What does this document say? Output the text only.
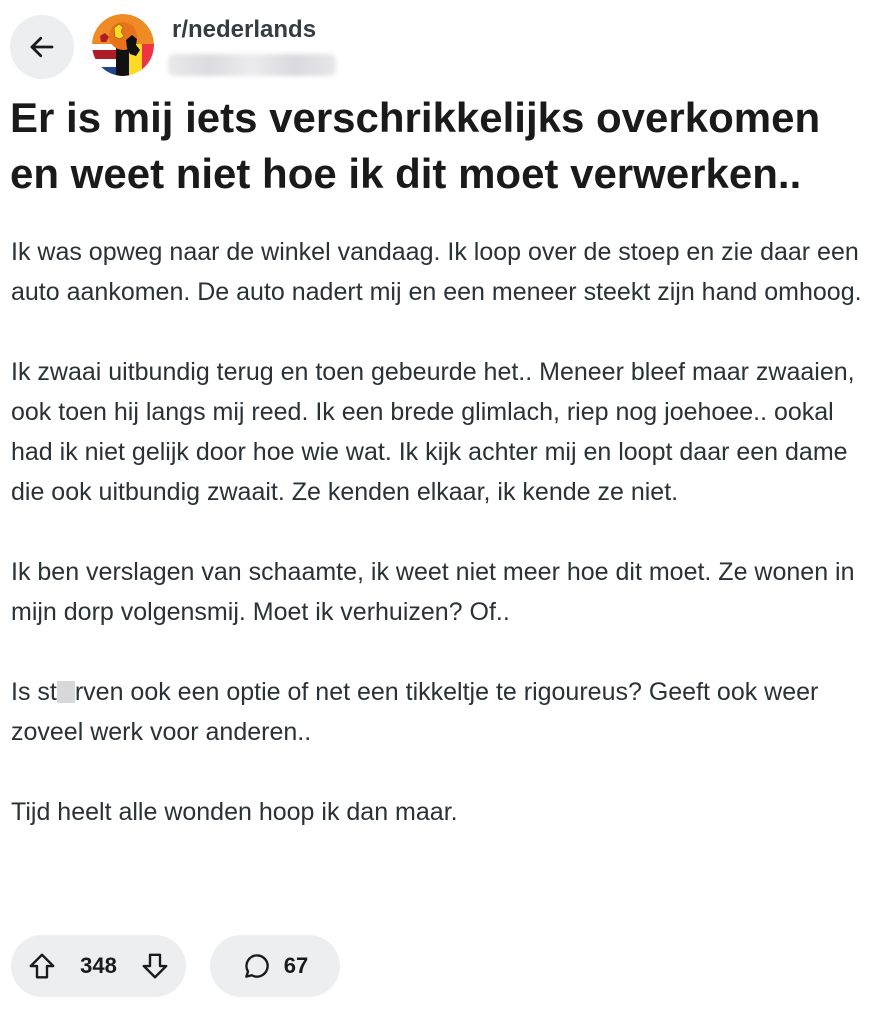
r/nederlands
Er is mij iets verschrikkelijks overkomen en weet niet hoe ik dit moet verwerken..

Ik was opweg naar de winkel vandaag. Ik loop over de stoep en zie daar een auto aankomen. De auto nadert mij en een meneer steekt zijn hand omhoog.

Ik zwaai uitbundig terug en toen gebeurde het.. Meneer bleef maar zwaaien, ook toen hij langs mij reed. Ik een brede glimlach, riep nog joehoee.. ookal had ik niet gelijk door hoe wie wat. Ik kijk achter mij en loopt daar een dame die ook uitbundig zwaait. Ze kenden elkaar, ik kende ze niet.

Ik ben verslagen van schaamte, ik weet niet meer hoe dit moet. Ze wonen in mijn dorp volgensmij. Moet ik verhuizen? Of..

Is st rven ook een optie of net een tikkeltje te rigoureus? Geeft ook weer zoveel werk voor anderen..

Tijd heelt alle wonden hoop ik dan maar.

348	67
